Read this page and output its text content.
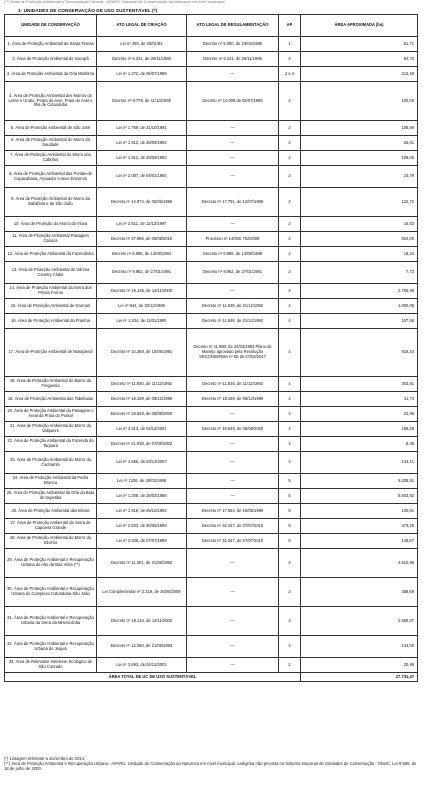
(**) Área de Proteção Ambiental e Recuperação Urbana - APARU. Unidade de Conservação da Natureza em nível municipal
1- UNIDADES DE CONSERVAÇÃO DE USO SUSTENTÁVEL (*)
UNIDADE DE CONSERVAÇÃO	ATO LEGAL DE CRIAÇÃO	ATO LEGAL DE REGULAMENTAÇÃO	AP	ÁREA APROXIMADA (ha)
1. Área de Proteção Ambiental de Santa Teresa	Lei nº 495, de 28/01/84	Decreto nº 5.050, de 23/04/1985	1	51,71
2. Área de Proteção Ambiental de Sacopã	Decreto nº 6.231, de 26/11/1986	Decreto nº 6.231, de 26/11/1986	2	94,72
3. Área de Proteção Ambiental da Orla Marítima	Lei nº 1.272, de 06/07/1988	—	2 e 4	213,48
4. Área de Proteção Ambiental dos Morros do Leme e Urubu, Pedra do Anel, Praia do Anel e Ilha de Cotunduba	Decreto nº 9.779, de 11/10/1990	Decreto nº 14.009 de 05/07/1995	2	100,00
5. Área de Proteção Ambiental de São José	Lei nº 1.769, de 31/10/1991	—	2	108,89
6. Área de Proteção Ambiental do Morro da Saudade	Lei nº 1.912, de 28/09/1992	—	2	25,01
7. Área de Proteção Ambiental do Morro dos Cabritos	Lei nº 1.912, de 28/09/1992	—	2	108,05
8. Área de Proteção Ambiental das Pontas de Copacabana, Arpoador e seus Entornos	Lei nº 2.087, de 04/01/1994	—	2	24,79
9. Área de Proteção Ambiental do Morro da Babilônia e de São João	Decreto nº 14.874, de 05/06/1996	Decreto nº 17.791, de 12/07/1999	2	122,72
10. Área de Proteção do Morro da Viúva	Lei nº 2.611, de 12/12/1997	—	2	16,53
11. Área de Proteção Ambiental Paisagem Carioca	Decreto nº 37.996, de 05/09/2016	Processo nº 14/000.752/2009	2	304,00
12. Área de Proteção Ambiental da Fazendinha	Decreto nº 6.886, de 14/08/1984	Decreto nº 6.886, de 14/08/1985	2	18,24
13. Área de Proteção Ambiental do Várzea Country Clube	Decreto nº 9.952, de 27/01/1991	Decreto nº 9.952, de 27/01/1991	2	7,73
14. Área de Proteção Ambiental da Serra dos Pretos Forros	Decreto nº 19.145, de 14/11/2000	—	3	2.705,99
15. Área de Proteção Ambiental de Grumari	Lei nº 944, de 30/12/1986	Decreto nº 11.849, de 21/12/1992	4	1.000,05
16. Área de Proteção Ambiental da Prainha	Lei nº 1.534, de 11/01/1990	Decreto nº 11.849, de 21/12/1992	4	157,58
17. Área de Proteção Ambiental de Marapendi	Decreto nº 10.368, de 15/08/1991	Decreto nº 11.990, de 24/03/1993 Plano de Manejo aprovado pela Resolução SECONSERMA nº 85 de 27/04/2017	4	918,34
18. Área de Proteção Ambiental do Bairro da Freguesia	Decreto nº 11.830, de 11/12/1992	Decreto nº 11.830, de 11/12/1992	4	363,91
19. Área de Proteção Ambiental das Tabebuias	Decreto nº 18.199, de 08/12/1999	Decreto nº 18.199, de 08/12/1999	4	41,73
20. Área de Proteção Ambiental da Paisagem e Areal da Praia do Pontal	Decreto nº 18.849, de 08/09/2000	—	4	22,95
21. Área de Proteção Ambiental do Morro do Valqueire	Lei nº 3.313, de 04/12/2001	Decreto nº 18.549, de 08/08/2000	4	159,28
22. Área de Proteção Ambiental da Fazenda da Taquara	Decreto nº 21.538, de 07/06/2002	—	4	8,45
23. Área de Proteção Ambiental do Morro do Cachambi	Lei nº 4.556, de 03/12/2007	—	4	143,41
24. Área de Proteção Ambiental da Pedra Branca	Lei nº 1206, de 28/03/1988	—	5	5.338,51
25. Área de Proteção Ambiental da Orla da Baía de Sepetiba	Lei nº 1.208, de 28/03/1988	—	5	8.503,82
26. Área de Proteção Ambiental das Brisas	Lei nº 1.918, de 05/10/1992	Decreto nº 17.554, de 18/05/1999	5	100,91
27. Área de Proteção Ambiental da Serra de Capoeira Grande	Lei nº 2.833, de 30/06/1999	Decreto nº 32.347, de 07/07/2010	5	473,29
28. Área de Proteção Ambiental do Morro do Silvério	Lei nº 2.836, de 07/07/1999	Decreto nº 32.347, de 07/07/2010	5	148,67
29. Área de Proteção Ambiental e Recuperação Urbana do Alto da Boa Vista (**)	Decreto nº 11.301, de 21/08/1992	—	2	3.510,95
30. Área de Proteção Ambiental e Recuperação Urbana do Complexo Cotunduba-São João	Lei Complementar nº 2.319, de 28/05/2009	—	2	388,69
31. Área de Proteção Ambiental e Recuperação Urbana da Serra da Misericórdia	Decreto nº 19.144, de 14/11/2000	—	3	2.569,57
32. Área de Proteção Ambiental e Recuperação Urbana do Jequiá	Decreto nº 12.250, de 21/08/1993	—	4	143,50
33. Área de Relevante Interesse Ecológico de São Conrado	Lei nº 3.693, de 04/12/2003	—	2	20,99
ÁREA TOTAL DE UC DE USO SUSTENTÁVEL				27.731,47

(*) Listagem referente a dezembro de 2014.

(**) Área de Proteção Ambiental e Recuperação Urbana - APARU: Unidade de Conservação da Natureza em nível municipal, categoria não prevista no Sistema Nacional de Unidades de Conservação - SNUC, Lei 9.985, de 18 de julho de 2000.
